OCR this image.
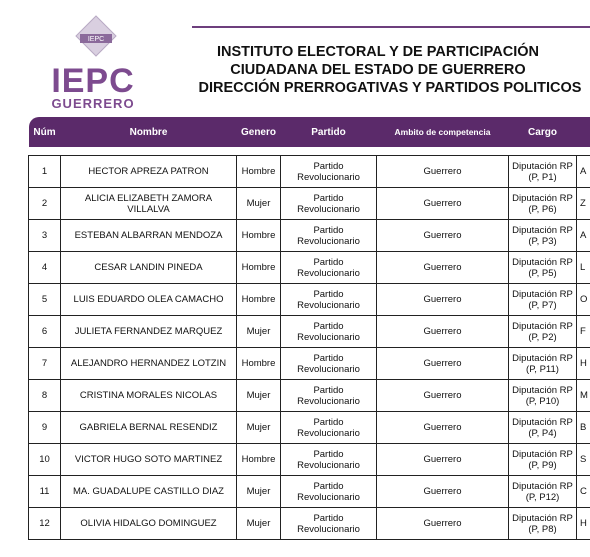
IEPC
IEPC
GUERRERO
INSTITUTO ELECTORAL Y DE PARTICIPACIÓN
CIUDADANA DEL ESTADO DE GUERRERO
DIRECCIÓN PRERROGATIVAS Y PARTIDOS POLITICOS
Núm	Nombre	Genero	Partido	Ambito de competencia	Cargo	

1	HECTOR APREZA PATRON	Hombre	Partido Revolucionario	Guerrero	Diputación RP (P, P1)	A
2	ALICIA ELIZABETH ZAMORA VILLALVA	Mujer	Partido Revolucionario	Guerrero	Diputación RP (P, P6)	Z
3	ESTEBAN ALBARRAN MENDOZA	Hombre	Partido Revolucionario	Guerrero	Diputación RP (P, P3)	A
4	CESAR LANDIN PINEDA	Hombre	Partido Revolucionario	Guerrero	Diputación RP (P, P5)	L
5	LUIS EDUARDO OLEA CAMACHO	Hombre	Partido Revolucionario	Guerrero	Diputación RP (P, P7)	O
6	JULIETA FERNANDEZ MARQUEZ	Mujer	Partido Revolucionario	Guerrero	Diputación RP (P, P2)	F
7	ALEJANDRO HERNANDEZ LOTZIN	Hombre	Partido Revolucionario	Guerrero	Diputación RP (P, P11)	H
8	CRISTINA MORALES NICOLAS	Mujer	Partido Revolucionario	Guerrero	Diputación RP (P, P10)	M
9	GABRIELA BERNAL RESENDIZ	Mujer	Partido Revolucionario	Guerrero	Diputación RP (P, P4)	B
10	VICTOR HUGO SOTO MARTINEZ	Hombre	Partido Revolucionario	Guerrero	Diputación RP (P, P9)	S
11	MA. GUADALUPE CASTILLO DIAZ	Mujer	Partido Revolucionario	Guerrero	Diputación RP (P, P12)	C
12	OLIVIA HIDALGO DOMINGUEZ	Mujer	Partido Revolucionario	Guerrero	Diputación RP (P, P8)	H
